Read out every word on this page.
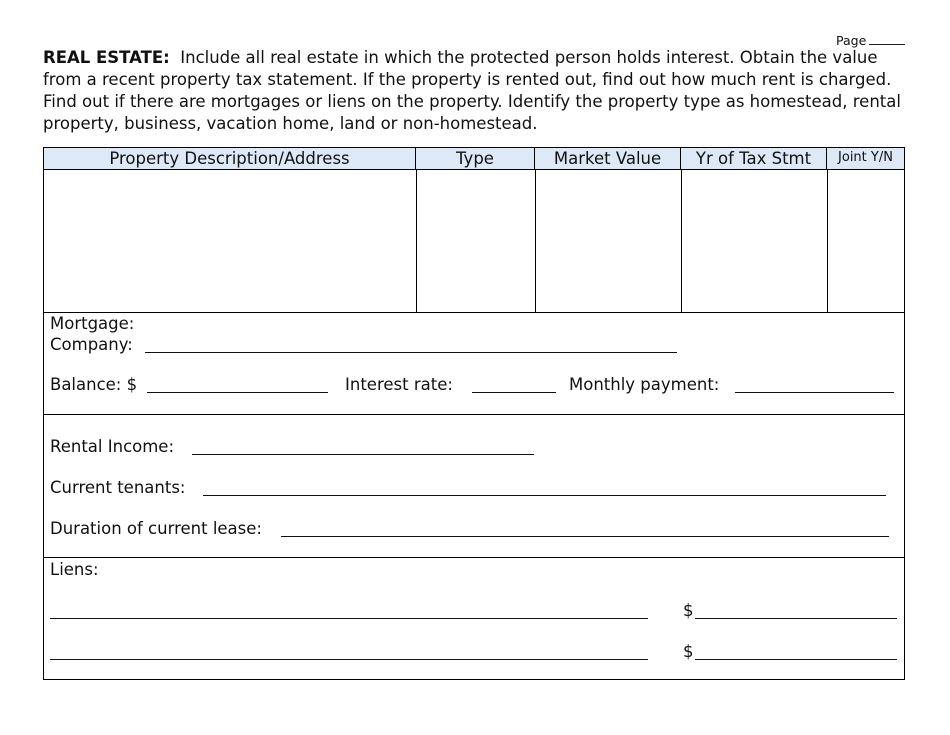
Page
REAL ESTATE: Include all real estate in which the protected person holds interest. Obtain the value from a recent property tax statement. If the property is rented out, find out how much rent is charged. Find out if there are mortgages or liens on the property. Identify the property type as homestead, rental property, business, vacation home, land or non-homestead.
Property Description/Address	Type	Market Value	Yr of Tax Stmt	Joint Y/N
Mortgage:
Company:
Balance: $	Interest rate:	Monthly payment:
Rental Income:
Current tenants:
Duration of current lease:
Liens:
$
$
